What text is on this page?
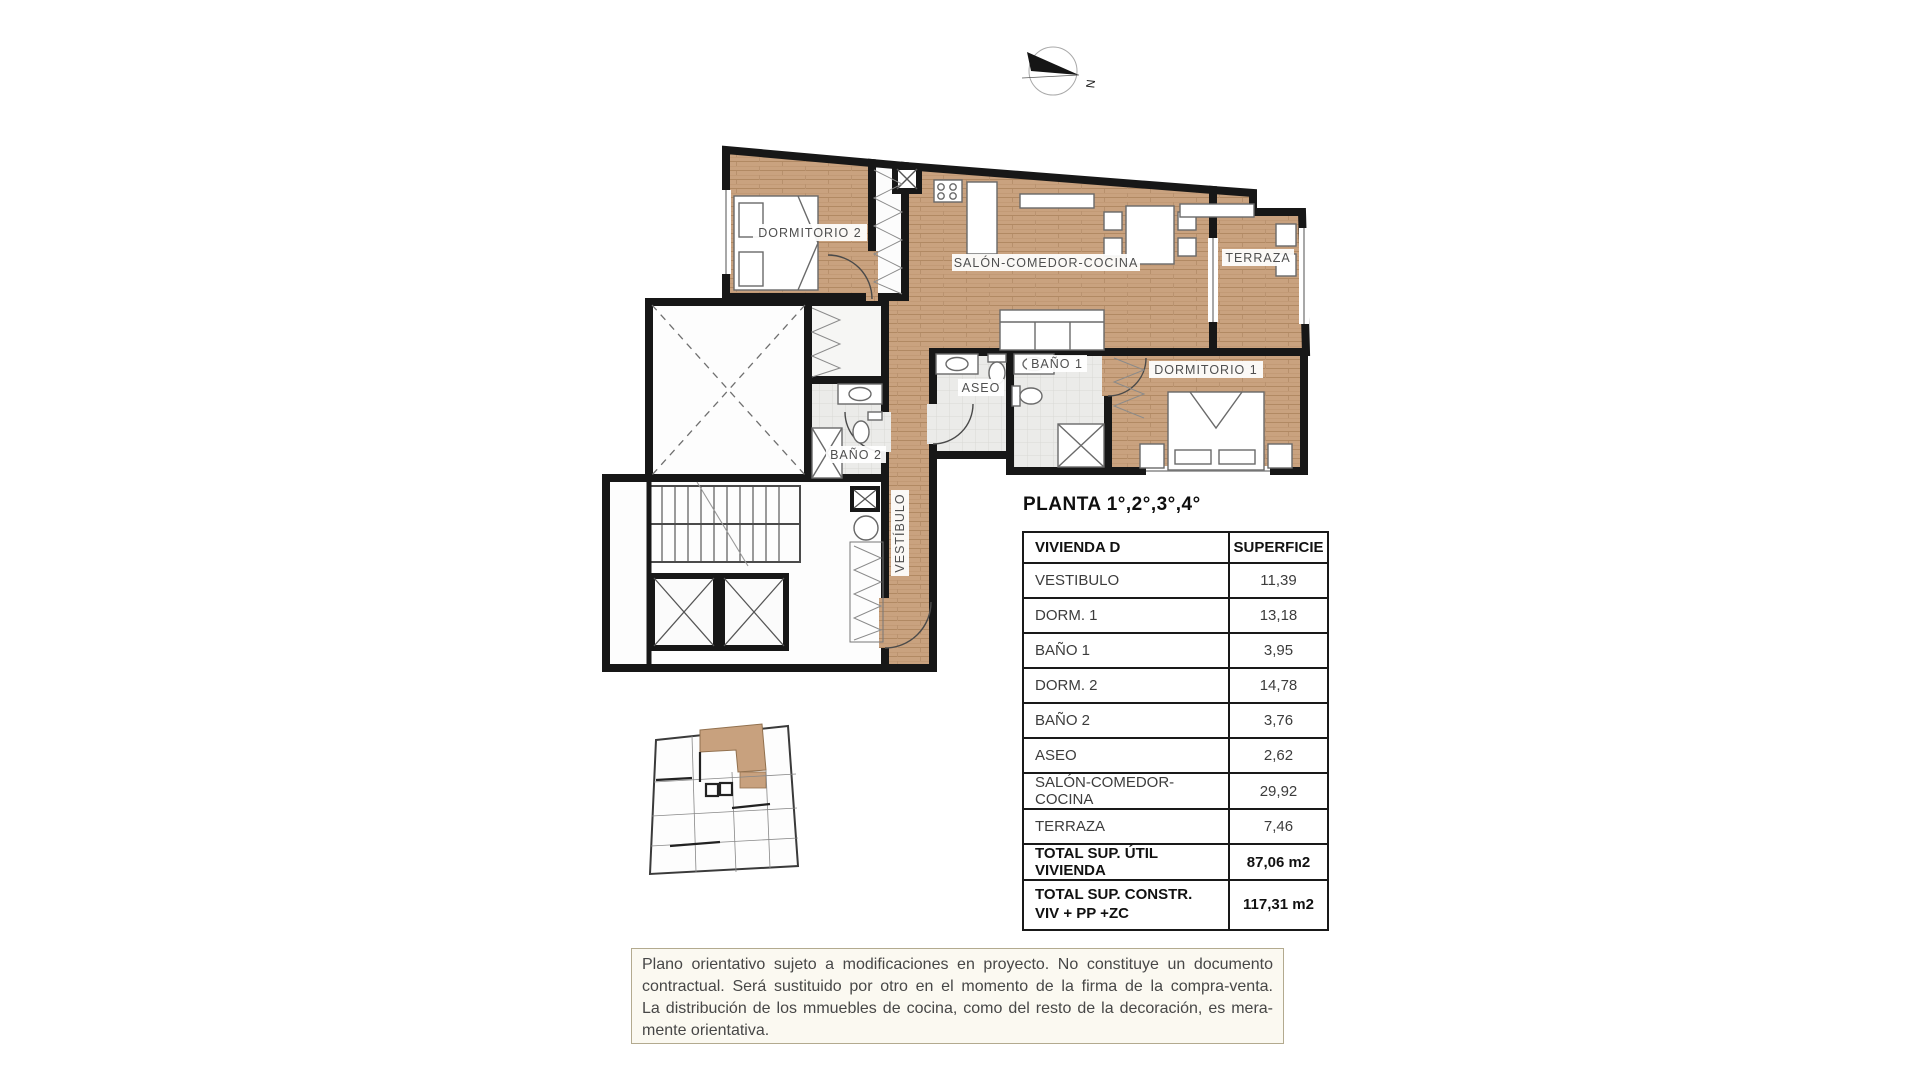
N
DORMITORIO 2
SALÓN-COMEDOR-COCINA	TERRAZA
DORMITORIO 1
BAÑO 1
ASEO
BAÑO 2
VESTÍBULO	PLANTA 1°,2°,3°,4°
VIVIENDA D	SUPERFICIE
VESTIBULO	11,39
DORM. 1	13,18
BAÑO 1	3,95
DORM. 2	14,78
BAÑO 2	3,76
ASEO	2,62
SALÓN-COMEDOR-COCINA	29,92
TERRAZA	7,46
TOTAL SUP. ÚTIL VIVIENDA	87,06 m2

TOTAL SUP. CONSTR.
VIV + PP +ZC	117,31 m2
Plano orientativo sujeto a modificaciones en proyecto. No constituye un documento
contractual. Será sustituido por otro en el momento de la firma de la compra-venta.
La distribución de los mmuebles de cocina, como del resto de la decoración, es mera-
mente orientativa.
